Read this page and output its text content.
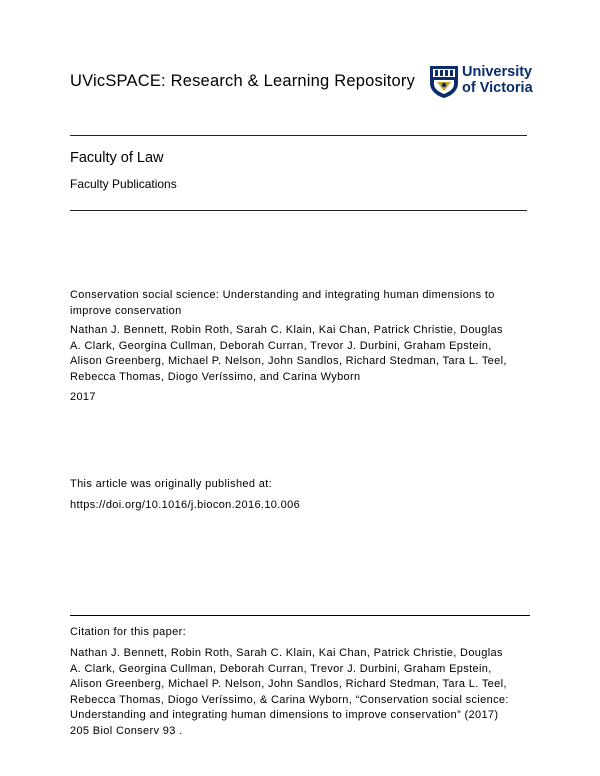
UVicSPACE: Research & Learning Repository	University
of Victoria
Faculty of Law
Faculty Publications
Conservation social science: Understanding and integrating human dimensions to
improve conservation
Nathan J. Bennett, Robin Roth, Sarah C. Klain, Kai Chan, Patrick Christie, Douglas
A. Clark, Georgina Cullman, Deborah Curran, Trevor J. Durbini, Graham Epstein,
Alison Greenberg, Michael P. Nelson, John Sandlos, Richard Stedman, Tara L. Teel,
Rebecca Thomas, Diogo Veríssimo, and Carina Wyborn
2017
This article was originally published at:
https://doi.org/10.1016/j.biocon.2016.10.006
Citation for this paper:
Nathan J. Bennett, Robin Roth, Sarah C. Klain, Kai Chan, Patrick Christie, Douglas
A. Clark, Georgina Cullman, Deborah Curran, Trevor J. Durbini, Graham Epstein,
Alison Greenberg, Michael P. Nelson, John Sandlos, Richard Stedman, Tara L. Teel,
Rebecca Thomas, Diogo Veríssimo, & Carina Wyborn, “Conservation social science:
Understanding and integrating human dimensions to improve conservation” (2017)
205 Biol Conserv 93 .
